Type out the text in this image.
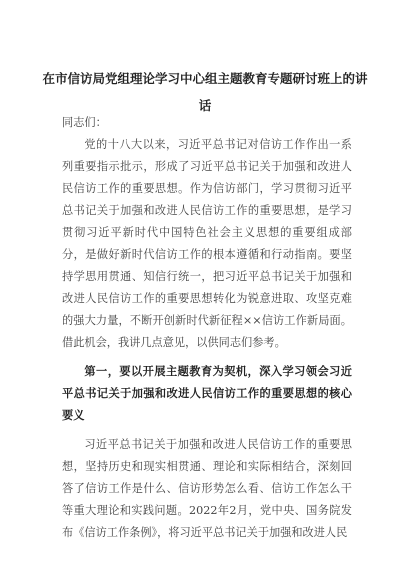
在市信访局党组理论学习中心组主题教育专题研讨班上的讲话

同志们：

党的十八大以来，习近平总书记对信访工作作出一系列重要指示批示，形成了习近平总书记关于加强和改进人民信访工作的重要思想。作为信访部门，学习贯彻习近平总书记关于加强和改进人民信访工作的重要思想，是学习贯彻习近平新时代中国特色社会主义思想的重要组成部分，是做好新时代信访工作的根本遵循和行动指南。要坚持学思用贯通、知信行统一，把习近平总书记关于加强和改进人民信访工作的重要思想转化为锐意进取、攻坚克难的强大力量，不断开创新时代新征程××信访工作新局面。借此机会，我讲几点意见，以供同志们参考。

第一，要以开展主题教育为契机，深入学习领会习近平总书记关于加强和改进人民信访工作的重要思想的核心要义

习近平总书记关于加强和改进人民信访工作的重要思想，坚持历史和现实相贯通、理论和实际相结合，深刻回答了信访工作是什么、信访形势怎么看、信访工作怎么干等重大理论和实践问题。2022年2月，党中央、国务院发布《信访工作条例》，将习近平总书记关于加强和改进人民
